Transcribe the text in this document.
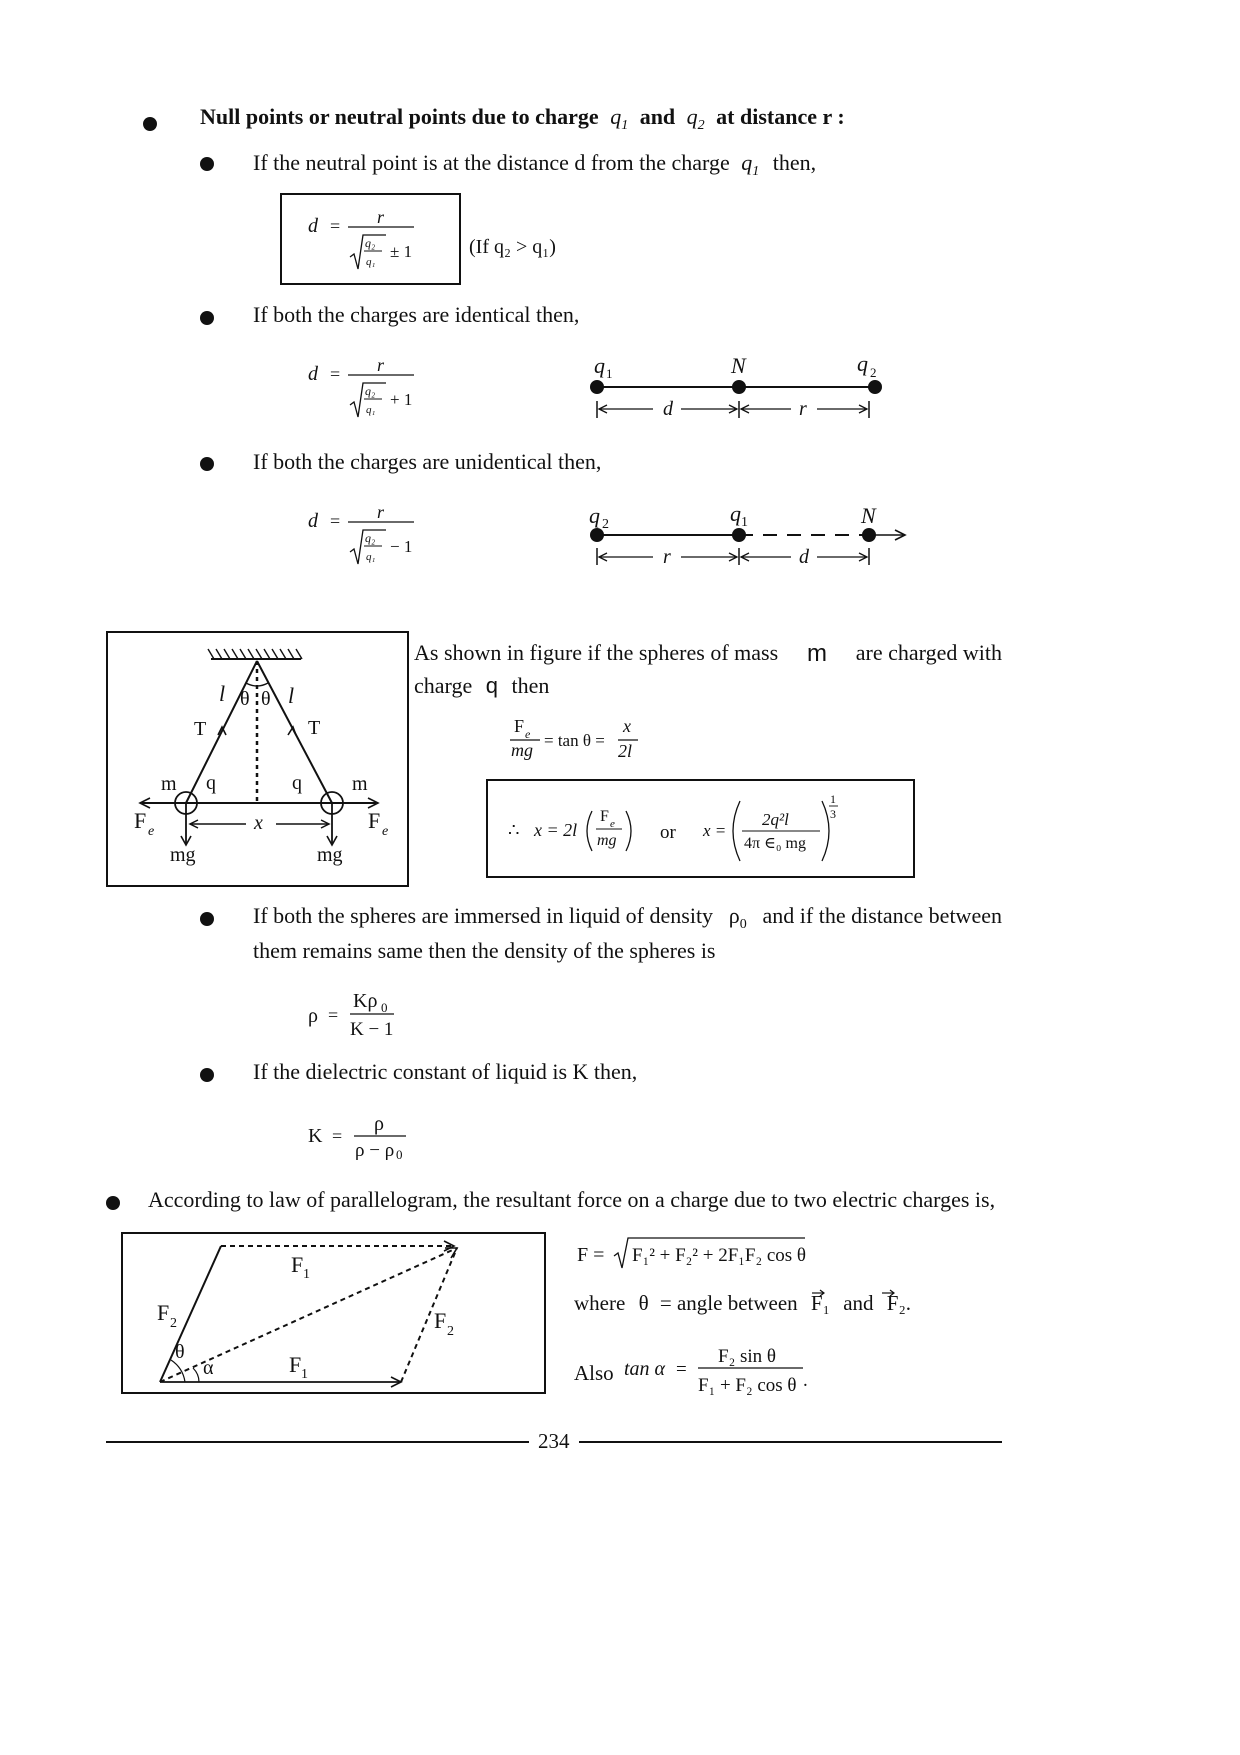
Null points or neutral points due to charge $q_1$ and $q_2$ at distance r :
If the neutral point is at the distance d from the charge $q_1$ then,
d = r
q₂
q₁
± 1	(If q₂ > q₁)
If both the charges are identical then,
d = r
q₂
q₁
+ 1
q 1	N	q 2
d	r
If both the charges are unidentical then,
d = r
q₂
q₁
− 1
q 2	q 1	N
r	d
l	l
θ θ
T	T
m q	q	m
F e	F e
x
mg	mg
As shown in figure if the spheres of mass m are charged with
charge q then
F e
mg = tan θ =
x
2l
∴ x = 2l
F e
mg or x =
2q²l
4π ∈₀ mg
1
3
If both the spheres are immersed in liquid of density $\rho_0$ and if the distance between
them remains same then the density of the spheres is
ρ =
Kρ 0
K − 1
If the dielectric constant of liquid is K then,
K =
ρ
ρ − ρ 0
According to law of parallelogram, the resultant force on a charge due to two electric charges is,
F 1
F 2	F 2
θ
α	F 1
F = F₁² + F₂² + 2F₁F₂ cos θ
where θ = angle between F₁ and F₂.
Also tan α =
F₂ sin θ
F₁ + F₂ cos θ .
234
